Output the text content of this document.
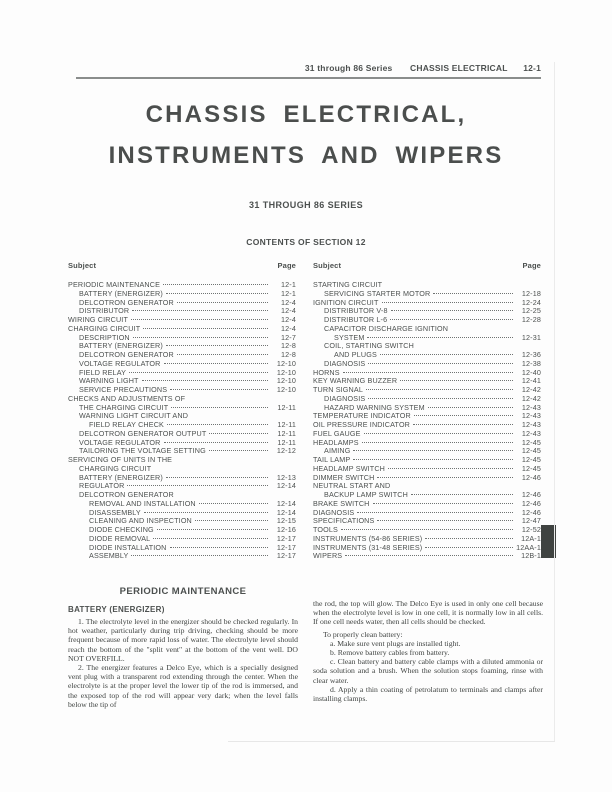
31 through 86 Series CHASSIS ELECTRICAL 12-1
CHASSIS ELECTRICAL,
INSTRUMENTS AND WIPERS
31 THROUGH 86 SERIES
CONTENTS OF SECTION 12
Subject	Page
PERIODIC MAINTENANCE	12-1
BATTERY (ENERGIZER)	12-1
DELCOTRON GENERATOR	12-4
DISTRIBUTOR	12-4
WIRING CIRCUIT	12-4
CHARGING CIRCUIT	12-4
DESCRIPTION	12-7
BATTERY (ENERGIZER)	12-8
DELCOTRON GENERATOR	12-8
VOLTAGE REGULATOR	12-10
FIELD RELAY	12-10
WARNING LIGHT	12-10
SERVICE PRECAUTIONS	12-10
CHECKS AND ADJUSTMENTS OF
THE CHARGING CIRCUIT	12-11
WARNING LIGHT CIRCUIT AND
FIELD RELAY CHECK	12-11
DELCOTRON GENERATOR OUTPUT	12-11
VOLTAGE REGULATOR	12-11
TAILORING THE VOLTAGE SETTING	12-12
SERVICING OF UNITS IN THE
CHARGING CIRCUIT
BATTERY (ENERGIZER)	12-13
REGULATOR	12-14
DELCOTRON GENERATOR
REMOVAL AND INSTALLATION	12-14
DISASSEMBLY	12-14
CLEANING AND INSPECTION	12-15
DIODE CHECKING	12-16
DIODE REMOVAL	12-17
DIODE INSTALLATION	12-17
ASSEMBLY	12-17
Subject	Page
STARTING CIRCUIT
SERVICING STARTER MOTOR	12-18
IGNITION CIRCUIT	12-24
DISTRIBUTOR V-8	12-25
DISTRIBUTOR L-6	12-28
CAPACITOR DISCHARGE IGNITION
SYSTEM	12-31
COIL, STARTING SWITCH
AND PLUGS	12-36
DIAGNOSIS	12-38
HORNS	12-40
KEY WARNING BUZZER	12-41
TURN SIGNAL	12-42
DIAGNOSIS	12-42
HAZARD WARNING SYSTEM	12-43
TEMPERATURE INDICATOR	12-43
OIL PRESSURE INDICATOR	12-43
FUEL GAUGE	12-43
HEADLAMPS	12-45
AIMING	12-45
TAIL LAMP	12-45
HEADLAMP SWITCH	12-45
DIMMER SWITCH	12-46
NEUTRAL START AND
BACKUP LAMP SWITCH	12-46
BRAKE SWITCH	12-46
DIAGNOSIS	12-46
SPECIFICATIONS	12-47
TOOLS	12-52
INSTRUMENTS (54-86 SERIES)	12A-1
INSTRUMENTS (31-48 SERIES)	12AA-1
WIPERS	12B-1
PERIODIC MAINTENANCE
BATTERY (ENERGIZER)

1. The electrolyte level in the energizer should be checked regularly. In hot weather, particularly during trip driving, checking should be more frequent because of more rapid loss of water. The electrolyte level should reach the bottom of the "split vent" at the bottom of the vent well. DO NOT OVERFILL.

2. The energizer features a Delco Eye, which is a specially designed vent plug with a transparent rod extending through the center. When the electrolyte is at the proper level the lower tip of the rod is immersed, and the exposed top of the rod will appear very dark; when the level falls below the tip of

the rod, the top will glow. The Delco Eye is used in only one cell because when the electrolyte level is low in one cell, it is normally low in all cells. If one cell needs water, then all cells should be checked.

To properly clean battery:

a. Make sure vent plugs are installed tight.

b. Remove battery cables from battery.

c. Clean battery and battery cable clamps with a diluted ammonia or soda solution and a brush. When the solution stops foaming, rinse with clear water.

d. Apply a thin coating of petrolatum to terminals and clamps after installing clamps.
